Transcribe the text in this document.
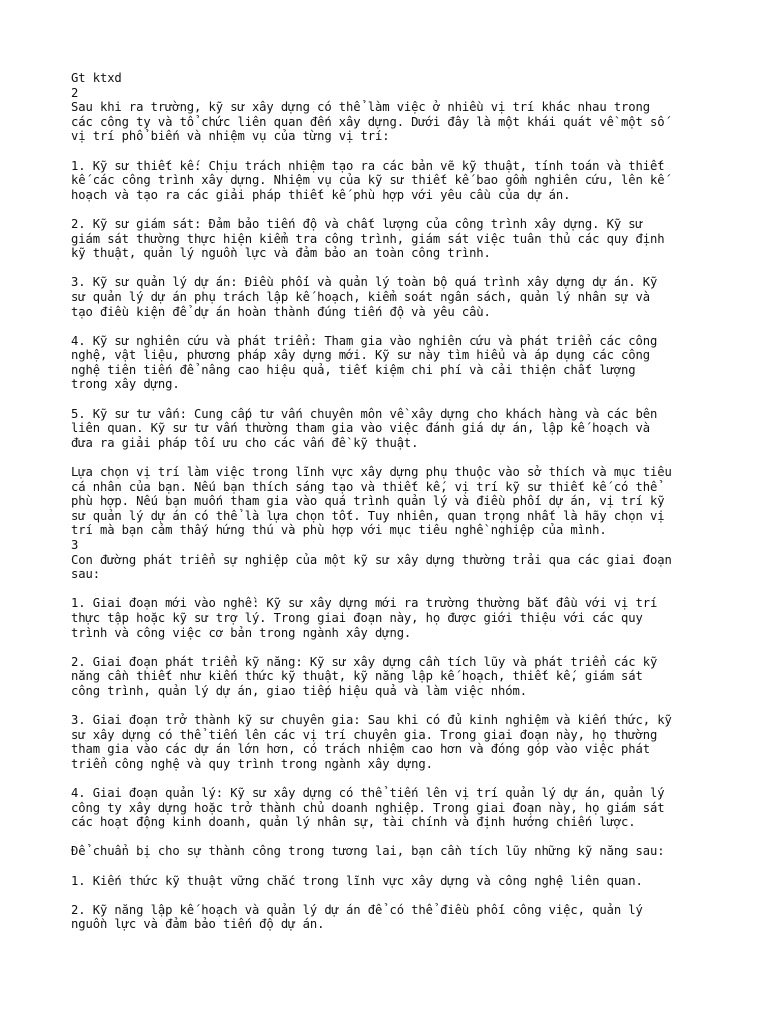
Gt ktxd
2
Sau khi ra trường, kỹ sư xây dựng có thể làm việc ở nhiều vị trí khác nhau trong
các công ty và tổ chức liên quan đến xây dựng. Dưới đây là một khái quát về một số
vị trí phổ biến và nhiệm vụ của từng vị trí:
1. Kỹ sư thiết kế: Chịu trách nhiệm tạo ra các bản vẽ kỹ thuật, tính toán và thiết
kế các công trình xây dựng. Nhiệm vụ của kỹ sư thiết kế bao gồm nghiên cứu, lên kế
hoạch và tạo ra các giải pháp thiết kế phù hợp với yêu cầu của dự án.
2. Kỹ sư giám sát: Đảm bảo tiến độ và chất lượng của công trình xây dựng. Kỹ sư
giám sát thường thực hiện kiểm tra công trình, giám sát việc tuân thủ các quy định
kỹ thuật, quản lý nguồn lực và đảm bảo an toàn công trình.
3. Kỹ sư quản lý dự án: Điều phối và quản lý toàn bộ quá trình xây dựng dự án. Kỹ
sư quản lý dự án phụ trách lập kế hoạch, kiểm soát ngân sách, quản lý nhân sự và
tạo điều kiện để dự án hoàn thành đúng tiến độ và yêu cầu.
4. Kỹ sư nghiên cứu và phát triển: Tham gia vào nghiên cứu và phát triển các công
nghệ, vật liệu, phương pháp xây dựng mới. Kỹ sư này tìm hiểu và áp dụng các công
nghệ tiên tiến để nâng cao hiệu quả, tiết kiệm chi phí và cải thiện chất lượng
trong xây dựng.
5. Kỹ sư tư vấn: Cung cấp tư vấn chuyên môn về xây dựng cho khách hàng và các bên
liên quan. Kỹ sư tư vấn thường tham gia vào việc đánh giá dự án, lập kế hoạch và
đưa ra giải pháp tối ưu cho các vấn đề kỹ thuật.
Lựa chọn vị trí làm việc trong lĩnh vực xây dựng phụ thuộc vào sở thích và mục tiêu
cá nhân của bạn. Nếu bạn thích sáng tạo và thiết kế, vị trí kỹ sư thiết kế có thể
phù hợp. Nếu bạn muốn tham gia vào quá trình quản lý và điều phối dự án, vị trí kỹ
sư quản lý dự án có thể là lựa chọn tốt. Tuy nhiên, quan trọng nhất là hãy chọn vị
trí mà bạn cảm thấy hứng thú và phù hợp với mục tiêu nghề nghiệp của mình.
3
Con đường phát triển sự nghiệp của một kỹ sư xây dựng thường trải qua các giai đoạn
sau:
1. Giai đoạn mới vào nghề: Kỹ sư xây dựng mới ra trường thường bắt đầu với vị trí
thực tập hoặc kỹ sư trợ lý. Trong giai đoạn này, họ được giới thiệu với các quy
trình và công việc cơ bản trong ngành xây dựng.
2. Giai đoạn phát triển kỹ năng: Kỹ sư xây dựng cần tích lũy và phát triển các kỹ
năng cần thiết như kiến thức kỹ thuật, kỹ năng lập kế hoạch, thiết kế, giám sát
công trình, quản lý dự án, giao tiếp hiệu quả và làm việc nhóm.
3. Giai đoạn trở thành kỹ sư chuyên gia: Sau khi có đủ kinh nghiệm và kiến thức, kỹ
sư xây dựng có thể tiến lên các vị trí chuyên gia. Trong giai đoạn này, họ thường
tham gia vào các dự án lớn hơn, có trách nhiệm cao hơn và đóng góp vào việc phát
triển công nghệ và quy trình trong ngành xây dựng.
4. Giai đoạn quản lý: Kỹ sư xây dựng có thể tiến lên vị trí quản lý dự án, quản lý
công ty xây dựng hoặc trở thành chủ doanh nghiệp. Trong giai đoạn này, họ giám sát
các hoạt động kinh doanh, quản lý nhân sự, tài chính và định hướng chiến lược.
Để chuẩn bị cho sự thành công trong tương lai, bạn cần tích lũy những kỹ năng sau:
1. Kiến thức kỹ thuật vững chắc trong lĩnh vực xây dựng và công nghệ liên quan.
2. Kỹ năng lập kế hoạch và quản lý dự án để có thể điều phối công việc, quản lý
nguồn lực và đảm bảo tiến độ dự án.
